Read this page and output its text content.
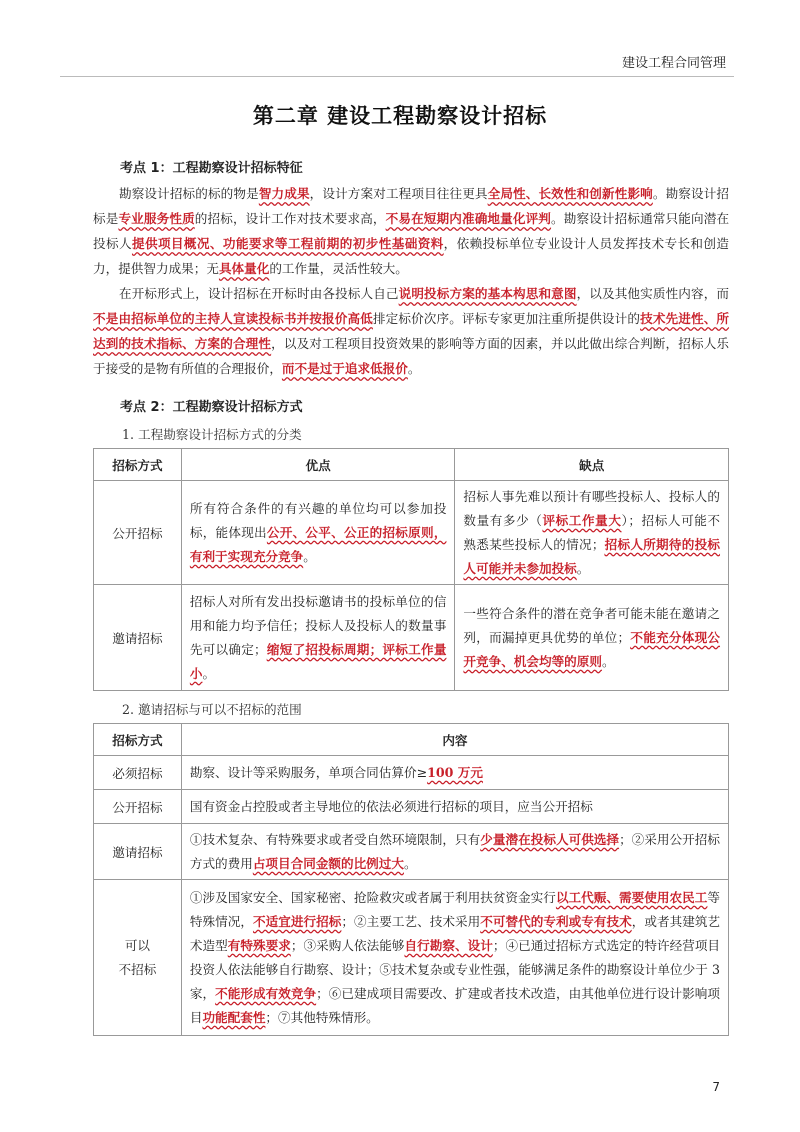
建设工程合同管理
第二章 建设工程勘察设计招标
考点 1：工程勘察设计招标特征

勘察设计招标的标的物是智力成果，设计方案对工程项目往往更具全局性、长效性和创新性影响。勘察设计招标是专业服务性质的招标，设计工作对技术要求高，不易在短期内准确地量化评判。勘察设计招标通常只能向潜在投标人提供项目概况、功能要求等工程前期的初步性基础资料，依赖投标单位专业设计人员发挥技术专长和创造力，提供智力成果；无具体量化的工作量，灵活性较大。

在开标形式上，设计招标在开标时由各投标人自己说明投标方案的基本构思和意图，以及其他实质性内容，而不是由招标单位的主持人宣读投标书并按报价高低排定标价次序。评标专家更加注重所提供设计的技术先进性、所达到的技术指标、方案的合理性，以及对工程项目投资效果的影响等方面的因素，并以此做出综合判断，招标人乐于接受的是物有所值的合理报价，而不是过于追求低报价。

考点 2：工程勘察设计招标方式
1. 工程勘察设计招标方式的分类
招标方式	优点	缺点
公开招标	所有符合条件的有兴趣的单位均可以参加投标，能体现出公开、公平、公正的招标原则，有利于实现充分竞争。	招标人事先难以预计有哪些投标人、投标人的数量有多少（评标工作量大）；招标人可能不熟悉某些投标人的情况；招标人所期待的投标人可能并未参加投标。
邀请招标	招标人对所有发出投标邀请书的投标单位的信用和能力均予信任；投标人及投标人的数量事先可以确定；缩短了招投标周期；评标工作量小。	一些符合条件的潜在竞争者可能未能在邀请之列，而漏掉更具优势的单位；不能充分体现公开竞争、机会均等的原则。
2. 邀请招标与可以不招标的范围
招标方式	内容
必须招标	勘察、设计等采购服务，单项合同估算价≥100 万元
公开招标	国有资金占控股或者主导地位的依法必须进行招标的项目，应当公开招标
邀请招标	①技术复杂、有特殊要求或者受自然环境限制，只有少量潜在投标人可供选择；②采用公开招标方式的费用占项目合同金额的比例过大。
可以
不招标	①涉及国家安全、国家秘密、抢险救灾或者属于利用扶贫资金实行以工代赈、需要使用农民工等特殊情况，不适宜进行招标；②主要工艺、技术采用不可替代的专利或专有技术，或者其建筑艺术造型有特殊要求；③采购人依法能够自行勘察、设计；④已通过招标方式选定的特许经营项目投资人依法能够自行勘察、设计；⑤技术复杂或专业性强，能够满足条件的勘察设计单位少于 3 家，不能形成有效竞争；⑥已建成项目需要改、扩建或者技术改造，由其他单位进行设计影响项目功能配套性；⑦其他特殊情形。
7
